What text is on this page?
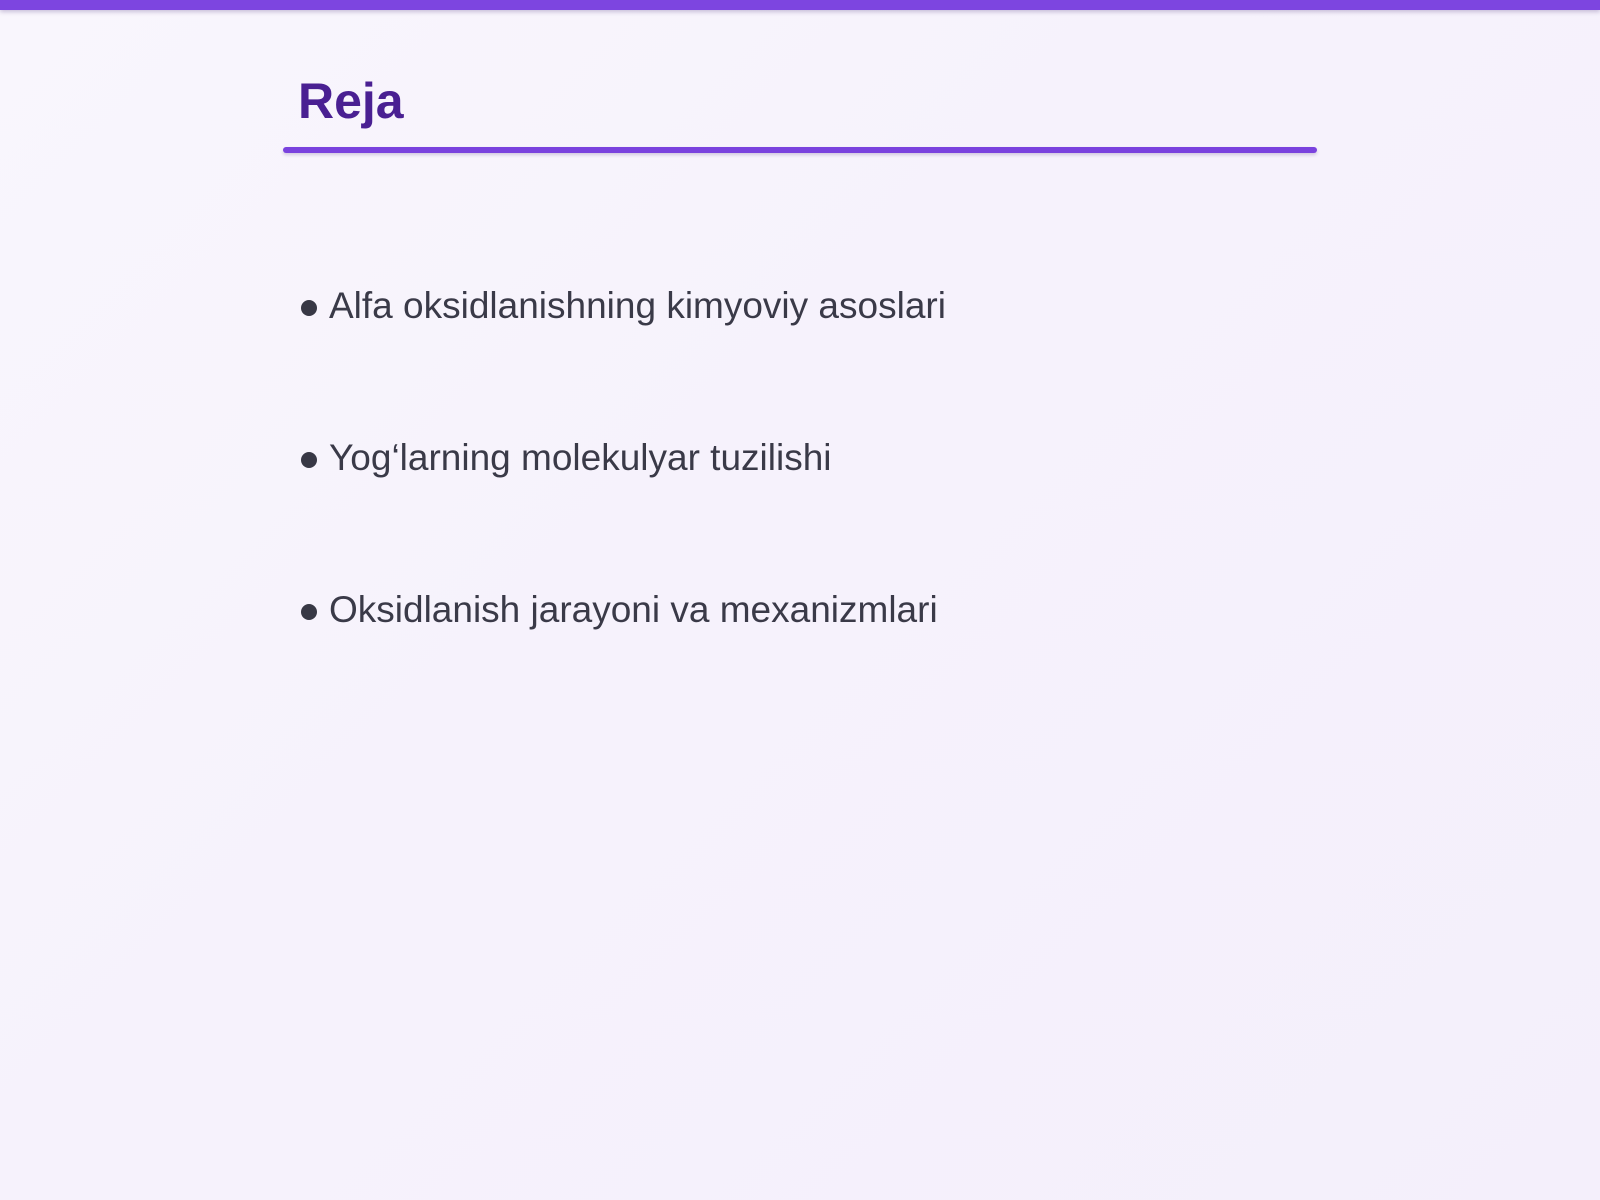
Reja
Alfa oksidlanishning kimyoviy asoslari
Yog‘larning molekulyar tuzilishi
Oksidlanish jarayoni va mexanizmlari
